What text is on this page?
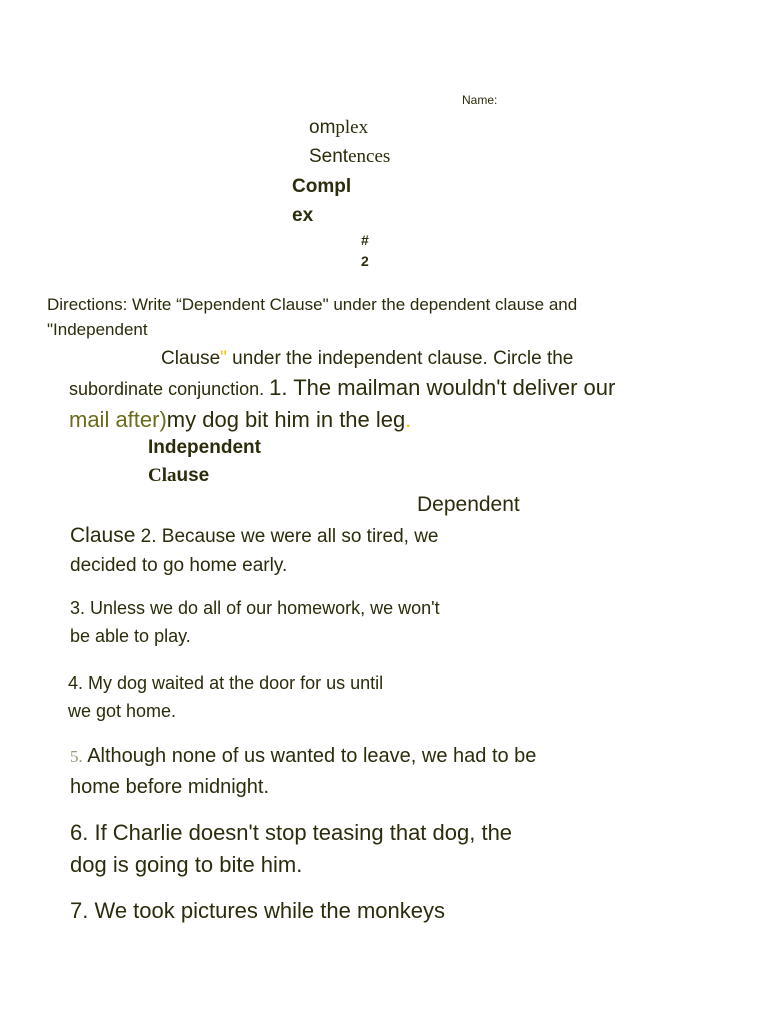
Name:
omplex
Sentences
Compl
ex
#
2
Directions: Write “Dependent Clause" under the dependent clause and
"Independent
Clause" under the independent clause. Circle the
subordinate conjunction. 1. The mailman wouldn't deliver our
mail after)my dog bit him in the leg.
Independent
Clause
Dependent
Clause 2. Because we were all so tired, we
decided to go home early.
3. Unless we do all of our homework, we won't
be able to play.
4. My dog waited at the door for us until
we got home.
5. Although none of us wanted to leave, we had to be
home before midnight.
6. If Charlie doesn't stop teasing that dog, the
dog is going to bite him.
7. We took pictures while the monkeys
